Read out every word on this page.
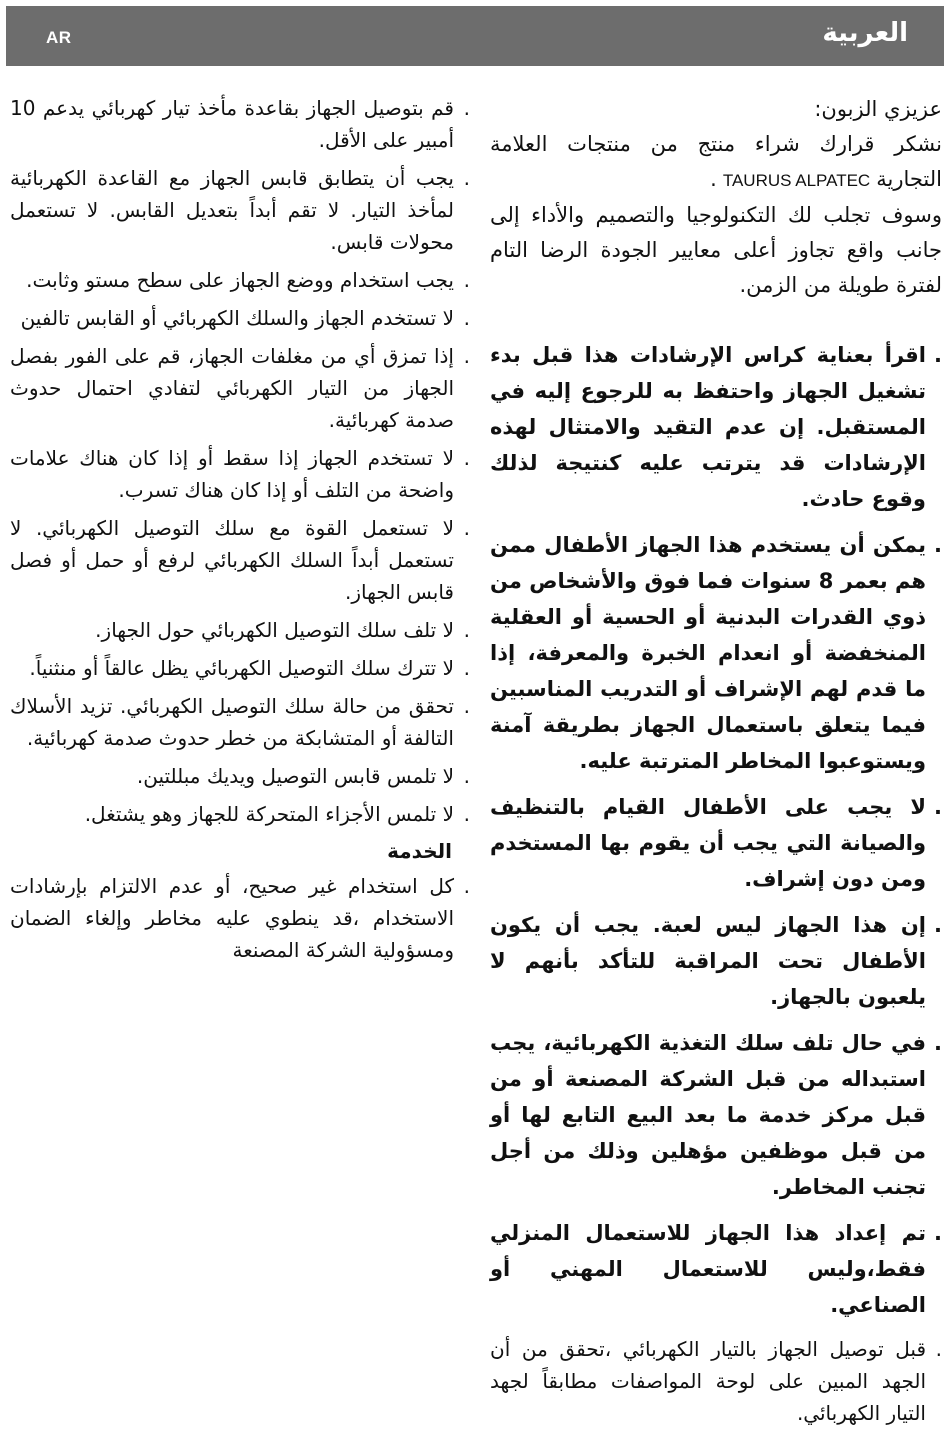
AR	العربية

عزيزي الزبون:

نشكر قرارك شراء منتج من منتجات العلامة التجاريةTAURUS ALPATEC.

وسوف تجلب لك التكنولوجيا والتصميم والأداء إلى جانب واقع تجاوز أعلى معايير الجودة الرضا التام لفترة طويلة من الزمن.

. اقرأ بعناية كراس الإرشادات هذا قبل بدء تشغيل الجهاز واحتفظ به للرجوع إليه في المستقبل. إن عدم التقيد والامتثال لهذه الإرشادات قد يترتب عليه كنتيجة لذلك وقوع حادث.
. يمكن أن يستخدم هذا الجهاز الأطفال ممن هم بعمر 8 سنوات فما فوق والأشخاص من ذوي القدرات البدنية أو الحسية أو العقلية المنخفضة أو انعدام الخبرة والمعرفة، إذا ما قدم لهم الإشراف أو التدريب المناسبين فيما يتعلق باستعمال الجهاز بطريقة آمنة ويستوعبوا المخاطر المترتبة عليه.
. لا يجب على الأطفال القيام بالتنظيف والصيانة التي يجب أن يقوم بها المستخدم ومن دون إشراف.
. إن هذا الجهاز ليس لعبة. يجب أن يكون الأطفال تحت المراقبة للتأكد بأنهم لا يلعبون بالجهاز.
. في حال تلف سلك التغذية الكهربائية، يجب استبداله من قبل الشركة المصنعة أو من قبل مركز خدمة ما بعد البيع التابع لها أو من قبل موظفين مؤهلين وذلك من أجل تجنب المخاطر.
. تم إعداد هذا الجهاز للاستعمال المنزلي فقط،وليس للاستعمال المهني أو الصناعي.
. قبل توصيل الجهاز بالتيار الكهربائي ،تحقق من أن الجهد المبين على لوحة المواصفات مطابقاً لجهد التيار الكهربائي.
. قم بتوصيل الجهاز بقاعدة مأخذ تيار كهربائي يدعم 10 أمبير على الأقل.
. يجب أن يتطابق قابس الجهاز مع القاعدة الكهربائية لمأخذ التيار. لا تقم أبداً بتعديل القابس. لا تستعمل محولات قابس.
. يجب استخدام ووضع الجهاز على سطح مستو وثابت.
. لا تستخدم الجهاز والسلك الكهربائي أو القابس تالفين
. إذا تمزق أي من مغلفات الجهاز، قم على الفور بفصل الجهاز من التيار الكهربائي لتفادي احتمال حدوث صدمة كهربائية.
. لا تستخدم الجهاز إذا سقط أو إذا كان هناك علامات واضحة من التلف أو إذا كان هناك تسرب.
. لا تستعمل القوة مع سلك التوصيل الكهربائي. لا تستعمل أبداً السلك الكهربائي لرفع أو حمل أو فصل قابس الجهاز.
. لا تلف سلك التوصيل الكهربائي حول الجهاز.
. لا تترك سلك التوصيل الكهربائي يظل عالقاً أو منثنياً.
. تحقق من حالة سلك التوصيل الكهربائي. تزيد الأسلاك التالفة أو المتشابكة من خطر حدوث صدمة كهربائية.
. لا تلمس قابس التوصيل ويديك مبللتين.
. لا تلمس الأجزاء المتحركة للجهاز وهو يشتغل.
الخدمة
. كل استخدام غير صحيح، أو عدم الالتزام بإرشادات الاستخدام ،قد ينطوي عليه مخاطر وإلغاء الضمان ومسؤولية الشركة المصنعة
